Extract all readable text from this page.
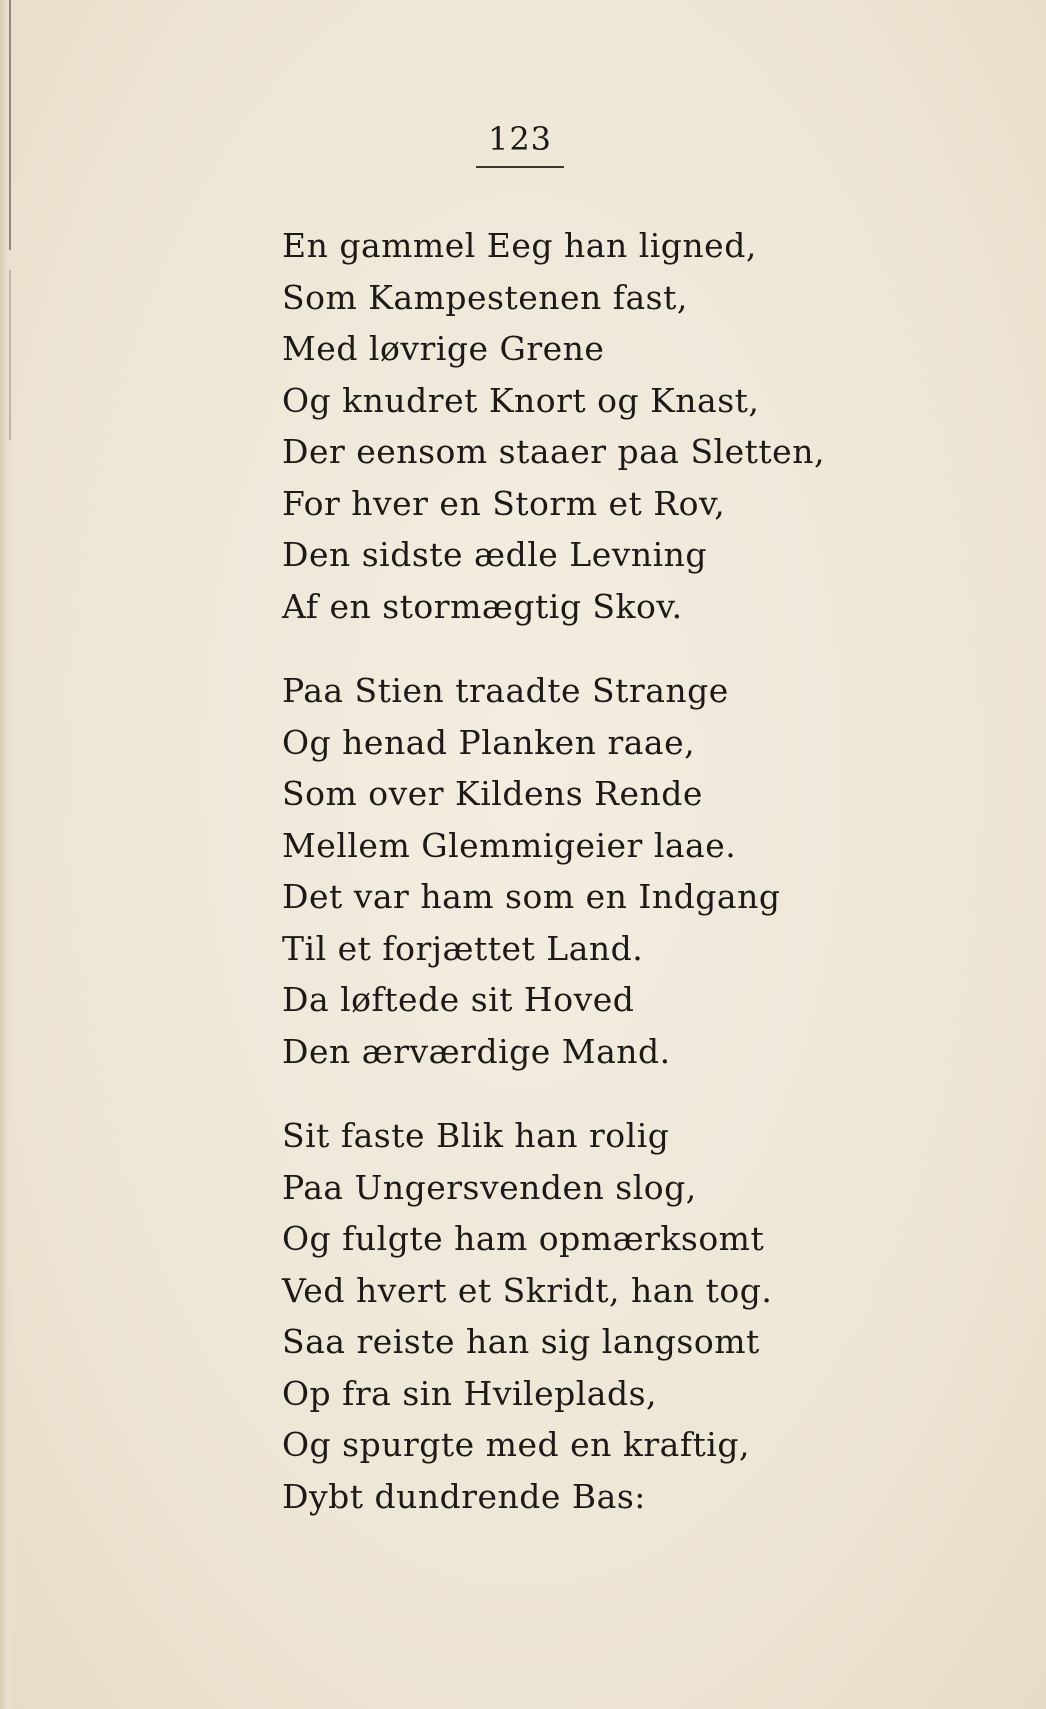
123
En gammel Eeg han ligned,
Som Kampestenen fast,
Med løvrige Grene
Og knudret Knort og Knast,
Der eensom staaer paa Sletten,
For hver en Storm et Rov,
Den sidste ædle Levning
Af en stormægtig Skov.
Paa Stien traadte Strange
Og henad Planken raae,
Som over Kildens Rende
Mellem Glemmigeier laae.
Det var ham som en Indgang
Til et forjættet Land.
Da løftede sit Hoved
Den ærværdige Mand.
Sit faste Blik han rolig
Paa Ungersvenden slog,
Og fulgte ham opmærksomt
Ved hvert et Skridt, han tog.
Saa reiste han sig langsomt
Op fra sin Hvileplads,
Og spurgte med en kraftig,
Dybt dundrende Bas:
